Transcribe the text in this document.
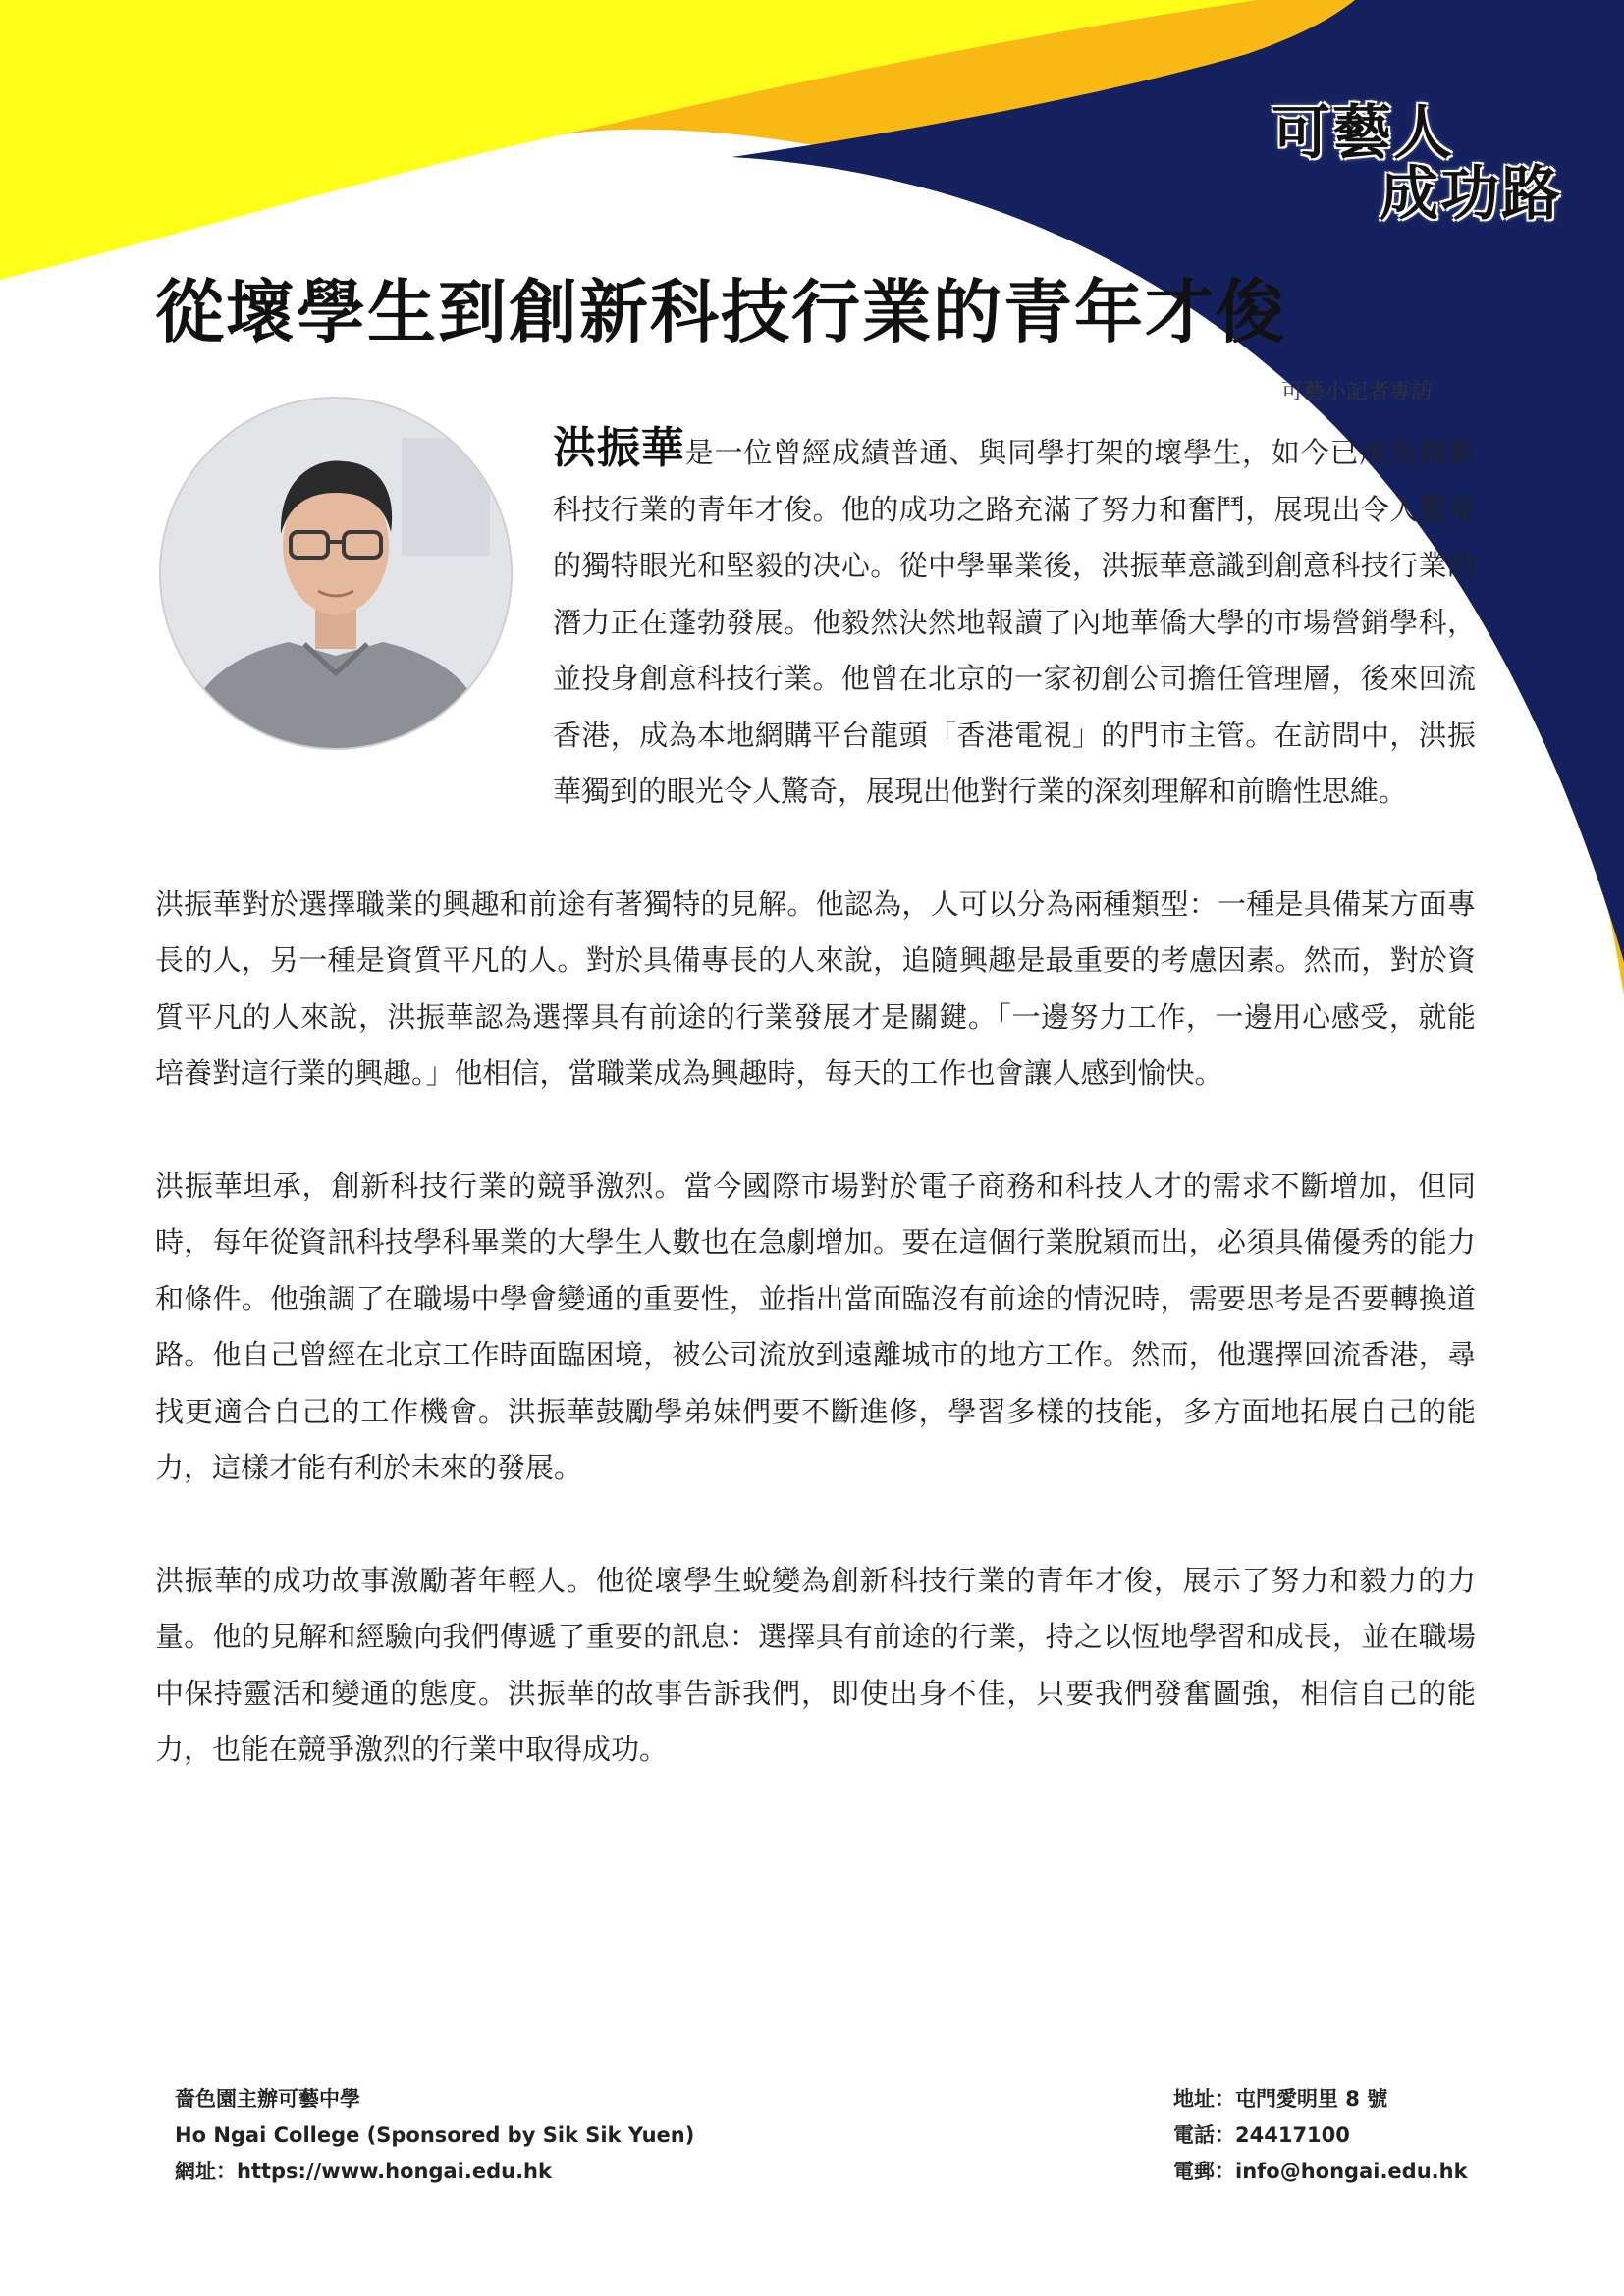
可藝人
成功路
從壞學生到創新科技行業的青年才俊
可藝小記者專訪

洪振華是一位曾經成績普通、與同學打架的壞學生，如今已成為創新科技行業的青年才俊。他的成功之路充滿了努力和奮鬥，展現出令人驚奇的獨特眼光和堅毅的决心。從中學畢業後，洪振華意識到創意科技行業的潛力正在蓬勃發展。他毅然決然地報讀了內地華僑大學的市場營銷學科，並投身創意科技行業。他曾在北京的一家初創公司擔任管理層，後來回流香港，成為本地網購平台龍頭「香港電視」的門市主管。在訪問中，洪振華獨到的眼光令人驚奇，展現出他對行業的深刻理解和前瞻性思維。

洪振華對於選擇職業的興趣和前途有著獨特的見解。他認為，人可以分為兩種類型：一種是具備某方面專長的人，另一種是資質平凡的人。對於具備專長的人來說，追隨興趣是最重要的考慮因素。然而，對於資質平凡的人來說，洪振華認為選擇具有前途的行業發展才是關鍵。「一邊努力工作，一邊用心感受，就能培養對這行業的興趣。」他相信，當職業成為興趣時，每天的工作也會讓人感到愉快。

洪振華坦承，創新科技行業的競爭激烈。當今國際市場對於電子商務和科技人才的需求不斷增加，但同時，每年從資訊科技學科畢業的大學生人數也在急劇增加。要在這個行業脫穎而出，必須具備優秀的能力和條件。他強調了在職場中學會變通的重要性，並指出當面臨沒有前途的情況時，需要思考是否要轉換道路。他自己曾經在北京工作時面臨困境，被公司流放到遠離城市的地方工作。然而，他選擇回流香港，尋找更適合自己的工作機會。洪振華鼓勵學弟妹們要不斷進修，學習多樣的技能，多方面地拓展自己的能力，這樣才能有利於未來的發展。

洪振華的成功故事激勵著年輕人。他從壞學生蛻變為創新科技行業的青年才俊，展示了努力和毅力的力量。他的見解和經驗向我們傳遞了重要的訊息：選擇具有前途的行業，持之以恆地學習和成長，並在職場中保持靈活和變通的態度。洪振華的故事告訴我們，即使出身不佳，只要我們發奮圖強，相信自己的能力，也能在競爭激烈的行業中取得成功。

嗇色園主辦可藝中學
Ho Ngai College (Sponsored by Sik Sik Yuen)
網址：https://www.hongai.edu.hk
地址：屯門愛明里 8 號
電話：24417100
電郵：info@hongai.edu.hk
